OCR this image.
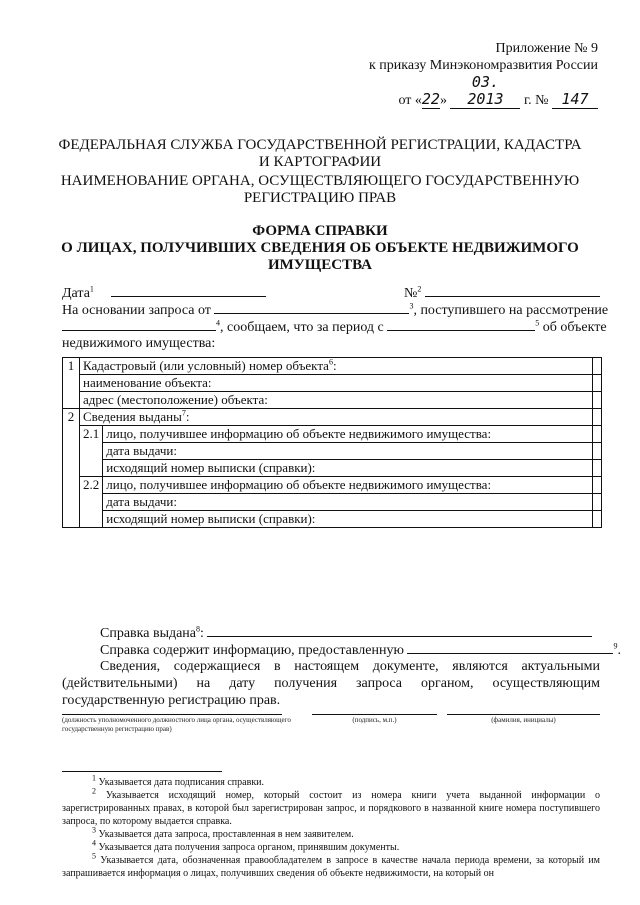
Приложение № 9
к приказу Минэкономразвития России
от «22» 03. 2013 г. № 147
ФЕДЕРАЛЬНАЯ СЛУЖБА ГОСУДАРСТВЕННОЙ РЕГИСТРАЦИИ, КАДАСТРА
И КАРТОГРАФИИ
НАИМЕНОВАНИЕ ОРГАНА, ОСУЩЕСТВЛЯЮЩЕГО ГОСУДАРСТВЕННУЮ
РЕГИСТРАЦИЮ ПРАВ
ФОРМА СПРАВКИ
О ЛИЦАХ, ПОЛУЧИВШИХ СВЕДЕНИЯ ОБ ОБЪЕКТЕ НЕДВИЖИМОГО
ИМУЩЕСТВА
Дата$^1$	№$^2$
На основании запроса от	$^3$, поступившего на рассмотрение
$^4$, сообщаем, что за период с	$^5$ об объекте
недвижимого имущества:
1	Кадастровый (или условный) номер объекта$^6$:		
	наименование объекта:		
	адрес (местоположение) объекта:		
2	Сведения выданы$^7$:		
	2.1	лицо, получившее информацию об объекте недвижимого имущества:	
		дата выдачи:	
		исходящий номер выписки (справки):	
	2.2	лицо, получившее информацию об объекте недвижимого имущества:	
		дата выдачи:	
		исходящий номер выписки (справки):	
Справка выдана$^8$:
Справка содержит информацию, предоставленную	$^9$.
Сведения, содержащиеся в настоящем документе, являются актуальными (действительными) на дату получения запроса органом, осуществляющим государственную регистрацию прав.
(должность уполномоченного должностного лица органа, осуществляющего государственную регистрацию прав)
(подпись, м.п.)	(фамилия, инициалы)
$^1$ Указывается дата подписания справки.
$^2$ Указывается исходящий номер, который состоит из номера книги учета выданной информации о зарегистрированных правах, в которой был зарегистрирован запрос, и порядкового в названной книге номера поступившего запроса, по которому выдается справка.
$^3$ Указывается дата запроса, проставленная в нем заявителем.
$^4$ Указывается дата получения запроса органом, принявшим документы.
$^5$ Указывается дата, обозначенная правообладателем в запросе в качестве начала периода времени, за который им запрашивается информация о лицах, получивших сведения об объекте недвижимости, на который он
